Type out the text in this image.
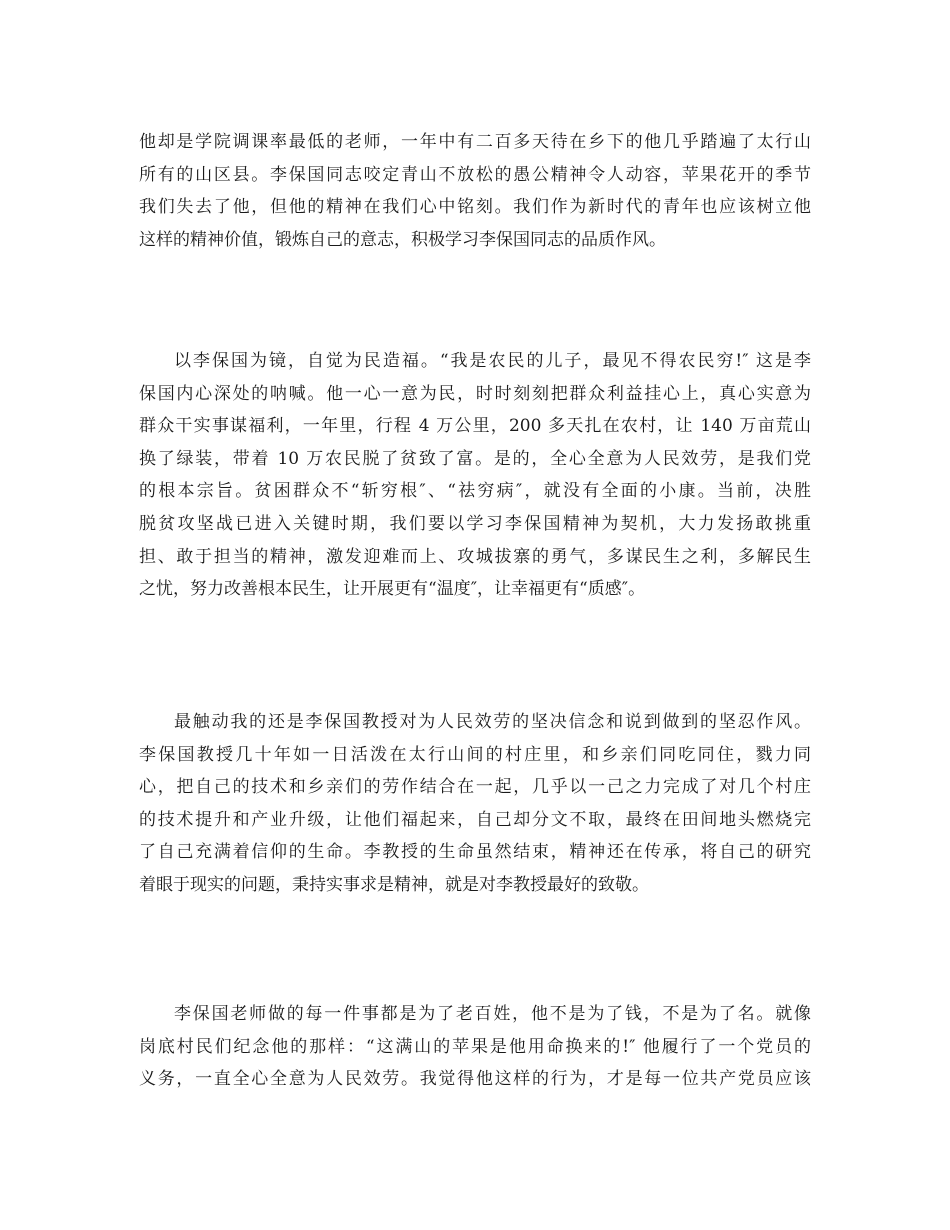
他却是学院调课率最低的老师，一年中有二百多天待在乡下的他几乎踏遍了太行山
所有的山区县。李保国同志咬定青山不放松的愚公精神令人动容，苹果花开的季节
我们失去了他，但他的精神在我们心中铭刻。我们作为新时代的青年也应该树立他
这样的精神价值，锻炼自己的意志，积极学习李保国同志的品质作风。
以李保国为镜，自觉为民造福。“我是农民的儿子，最见不得农民穷!″ 这是李
保国内心深处的呐喊。他一心一意为民，时时刻刻把群众利益挂心上，真心实意为
群众干实事谋福利，一年里，行程 4 万公里，200 多天扎在农村，让 140 万亩荒山
换了绿装，带着 10 万农民脱了贫致了富。是的，全心全意为人民效劳，是我们党
的根本宗旨。贫困群众不“斩穷根″、“祛穷病″，就没有全面的小康。当前，决胜
脱贫攻坚战已进入关键时期，我们要以学习李保国精神为契机，大力发扬敢挑重
担、敢于担当的精神，激发迎难而上、攻城拔寨的勇气，多谋民生之利，多解民生
之忧，努力改善根本民生，让开展更有“温度″，让幸福更有“质感″。
最触动我的还是李保国教授对为人民效劳的坚决信念和说到做到的坚忍作风。
李保国教授几十年如一日活泼在太行山间的村庄里，和乡亲们同吃同住，戮力同
心，把自己的技术和乡亲们的劳作结合在一起，几乎以一己之力完成了对几个村庄
的技术提升和产业升级，让他们福起来，自己却分文不取，最终在田间地头燃烧完
了自己充满着信仰的生命。李教授的生命虽然结束，精神还在传承，将自己的研究
着眼于现实的问题，秉持实事求是精神，就是对李教授最好的致敬。
李保国老师做的每一件事都是为了老百姓，他不是为了钱，不是为了名。就像
岗底村民们纪念他的那样：“这满山的苹果是他用命换来的!″ 他履行了一个党员的
义务，一直全心全意为人民效劳。我觉得他这样的行为，才是每一位共产党员应该
